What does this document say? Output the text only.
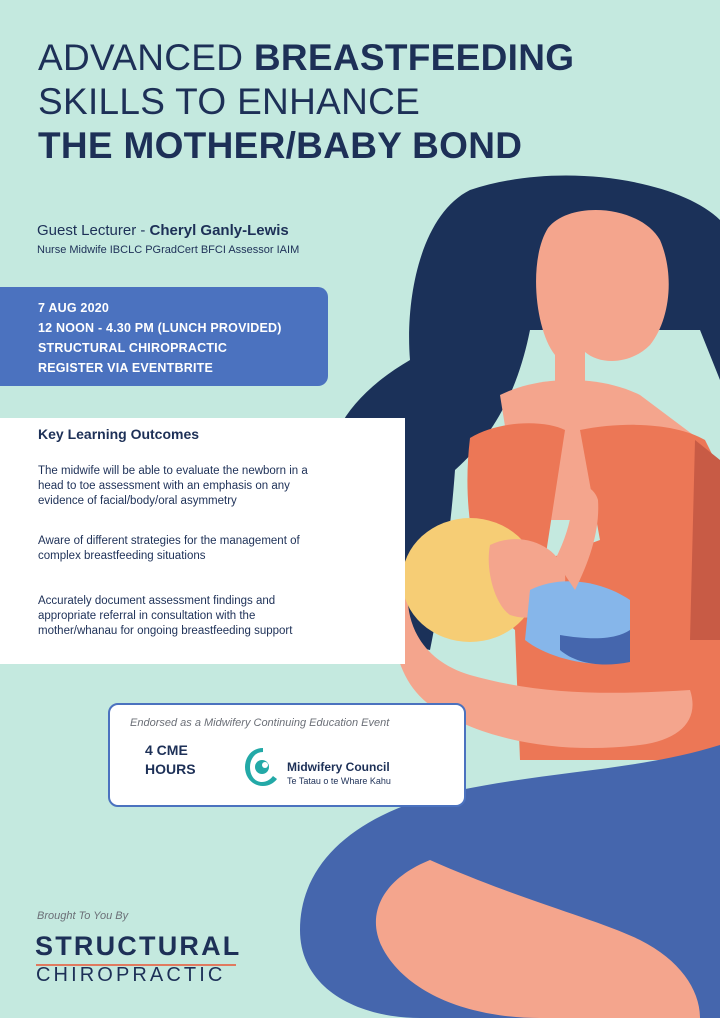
ADVANCED BREASTFEEDING
SKILLS TO ENHANCE
THE MOTHER/BABY BOND
Guest Lecturer - Cheryl Ganly-Lewis
Nurse Midwife IBCLC PGradCert BFCI Assessor IAIM
7 AUG 2020
12 NOON - 4.30 PM (LUNCH PROVIDED)
STRUCTURAL CHIROPRACTIC
REGISTER VIA EVENTBRITE
Key Learning Outcomes

The midwife will be able to evaluate the newborn in a head to toe assessment with an emphasis on any evidence of facial/body/oral asymmetry

Aware of different strategies for the management of complex breastfeeding situations

Accurately document assessment findings and appropriate referral in consultation with the mother/whanau for ongoing breastfeeding support

Endorsed as a Midwifery Continuing Education Event
4 CME
HOURS	Midwifery Council
Te Tatau o te Whare Kahu
Brought To You By
STRUCTURAL
CHIROPRACTIC
